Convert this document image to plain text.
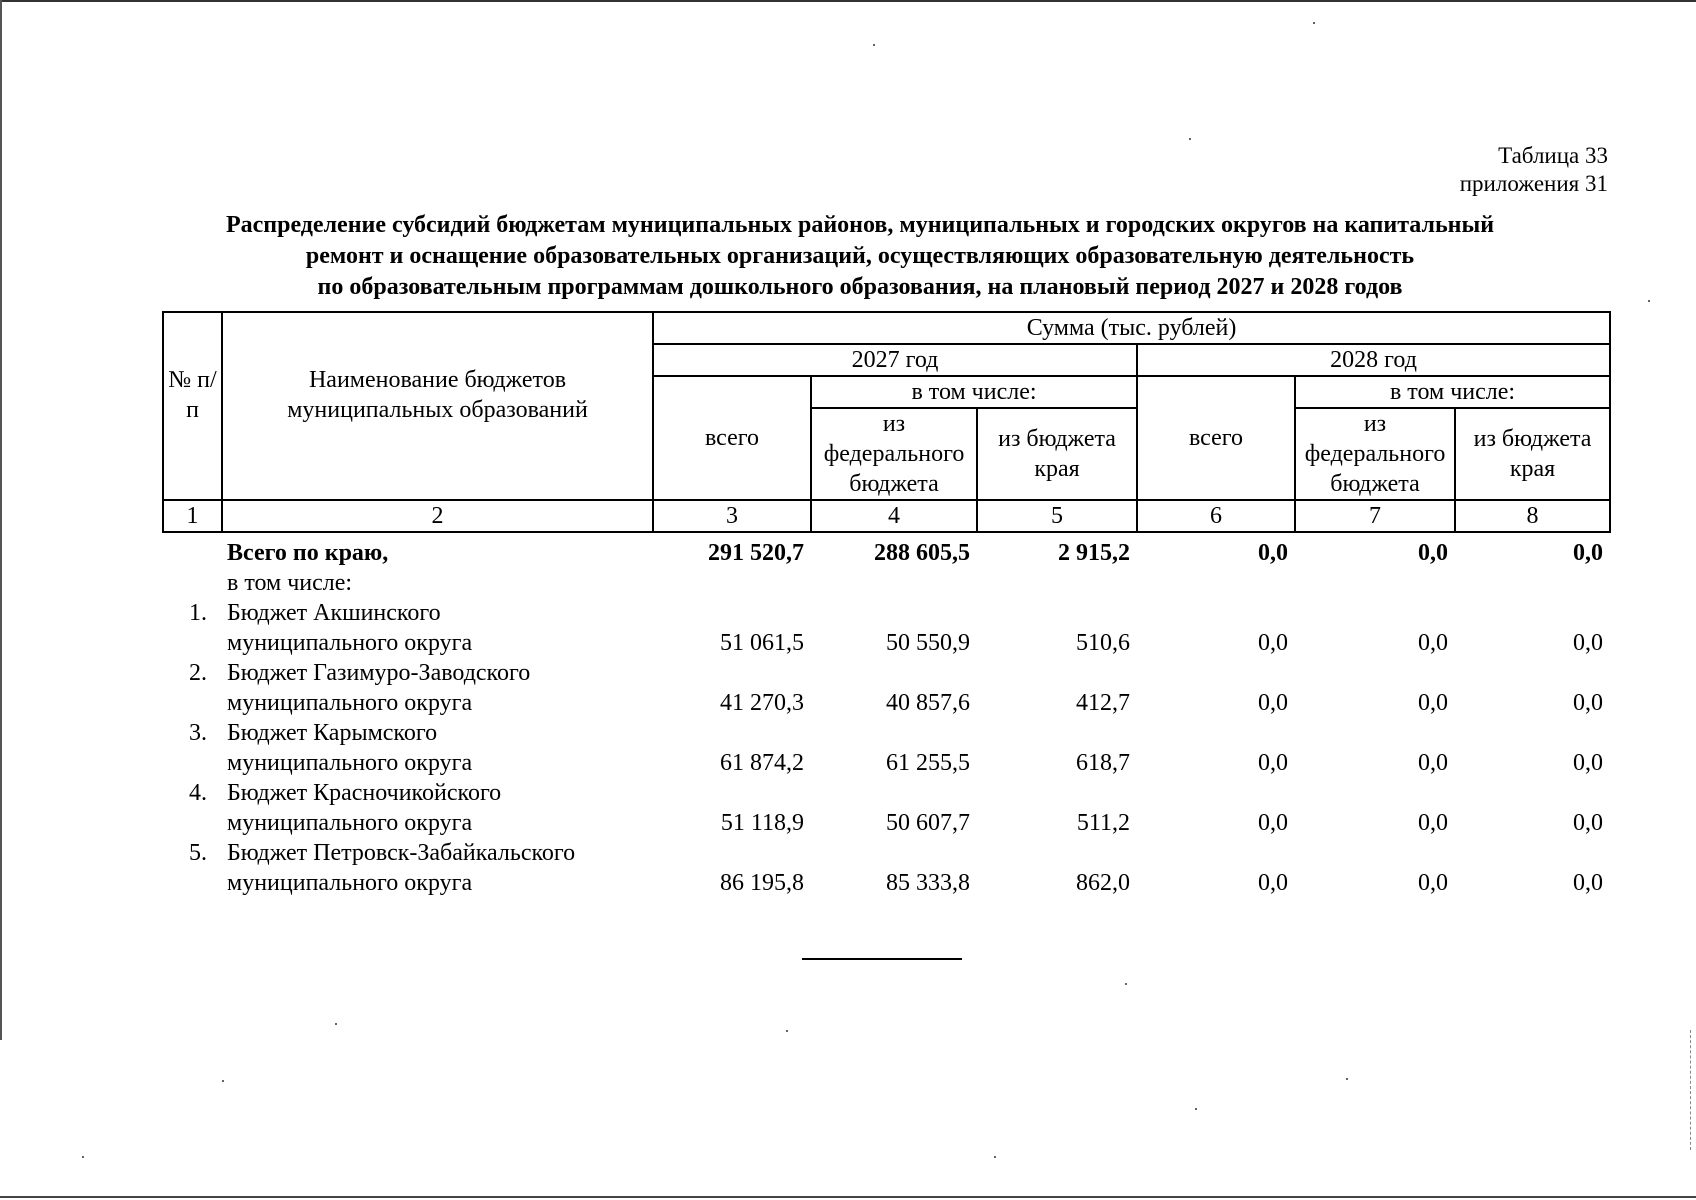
Таблица 33
приложения 31
Распределение субсидий бюджетам муниципальных районов, муниципальных и городских округов на капитальный
ремонт и оснащение образовательных организаций, осуществляющих образовательную деятельность
по образовательным программам дошкольного образования, на плановый период 2027 и 2028 годов
№ п/п	Наименование бюджетов муниципальных образований	Сумма (тыс. рублей)					
		2027 год			2028 год		
		всего	в том числе:		всего	в том числе:	
			из федерального бюджета	из бюджета края		из федерального бюджета	из бюджета края
1	2	3	4	5	6	7	8
	Всего по краю,	291 520,7	288 605,5	2 915,2	0,0	0,0	0,0
	в том числе:						
1.	Бюджет Акшинского
муниципального округа	51 061,5	50 550,9	510,6	0,0	0,0	0,0
2.	Бюджет Газимуро-Заводского
муниципального округа	41 270,3	40 857,6	412,7	0,0	0,0	0,0
3.	Бюджет Карымского
муниципального округа	61 874,2	61 255,5	618,7	0,0	0,0	0,0
4.	Бюджет Красночикойского
муниципального округа	51 118,9	50 607,7	511,2	0,0	0,0	0,0
5.	Бюджет Петровск-Забайкальского
муниципального округа	86 195,8	85 333,8	862,0	0,0	0,0	0,0
